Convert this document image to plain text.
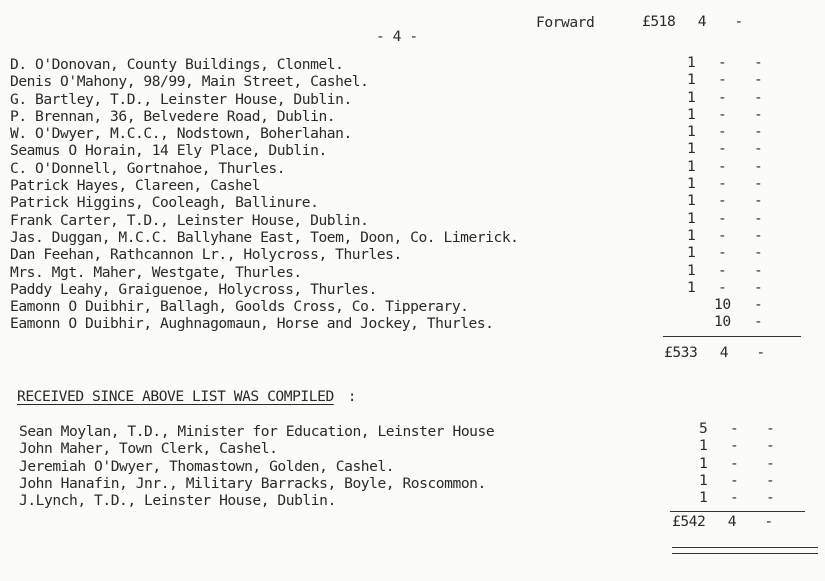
- 4 -
Forward	£518 4 -
D. O'Donovan, County Buildings, Clonmel.
Denis O'Mahony, 98/99, Main Street, Cashel.
G. Bartley, T.D., Leinster House, Dublin.
P. Brennan, 36, Belvedere Road, Dublin.
W. O'Dwyer, M.C.C., Nodstown, Boherlahan.
Seamus O Horain, 14 Ely Place, Dublin.
C. O'Donnell, Gortnahoe, Thurles.
Patrick Hayes, Clareen, Cashel
Patrick Higgins, Cooleagh, Ballinure.
Frank Carter, T.D., Leinster House, Dublin.
Jas. Duggan, M.C.C. Ballyhane East, Toem, Doon, Co. Limerick.
Dan Feehan, Rathcannon Lr., Holycross, Thurles.
Mrs. Mgt. Maher, Westgate, Thurles.
Paddy Leahy, Graiguenoe, Holycross, Thurles.
Eamonn O Duibhir, Ballagh, Goolds Cross, Co. Tipperary.
Eamonn O Duibhir, Aughnagomaun, Horse and Jockey, Thurles.
1 - -
1 - -
1 - -
1 - -
1 - -
1 - -
1 - -
1 - -
1 - -
1 - -
1 - -
1 - -
1 - -
1 - -
10 -
10 -
£533 4 -
RECEIVED SINCE ABOVE LIST WAS COMPILED :
Sean Moylan, T.D., Minister for Education, Leinster House
John Maher, Town Clerk, Cashel.
Jeremiah O'Dwyer, Thomastown, Golden, Cashel.
John Hanafin, Jnr., Military Barracks, Boyle, Roscommon.
J.Lynch, T.D., Leinster House, Dublin.
5 - -
1 - -
1 - -
1 - -
1 - -
£542 4 -
